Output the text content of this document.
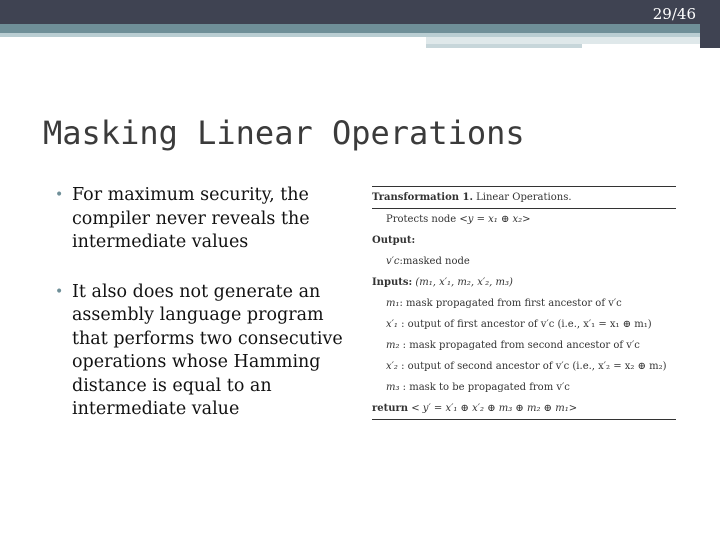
29/46
Masking Linear Operations
• For maximum security, the compiler never reveals the intermediate values
• It also does not generate an assembly language program that performs two consecutive operations whose Hamming distance is equal to an intermediate value
Transformation 1. Linear Operations.
Protects node <y = x₁ ⊕ x₂>
Output:
v′c:masked node
Inputs: (m₁, x′₁, m₂, x′₂, m₃)
m₁: mask propagated from first ancestor of v′c
x′₁ : output of first ancestor of v′c (i.e., x′₁ = x₁ ⊕ m₁)
m₂ : mask propagated from second ancestor of v′c
x′₂ : output of second ancestor of v′c (i.e., x′₂ = x₂ ⊕ m₂)
m₃ : mask to be propagated from v′c
return < y′ = x′₁ ⊕ x′₂ ⊕ m₃ ⊕ m₂ ⊕ m₁>
